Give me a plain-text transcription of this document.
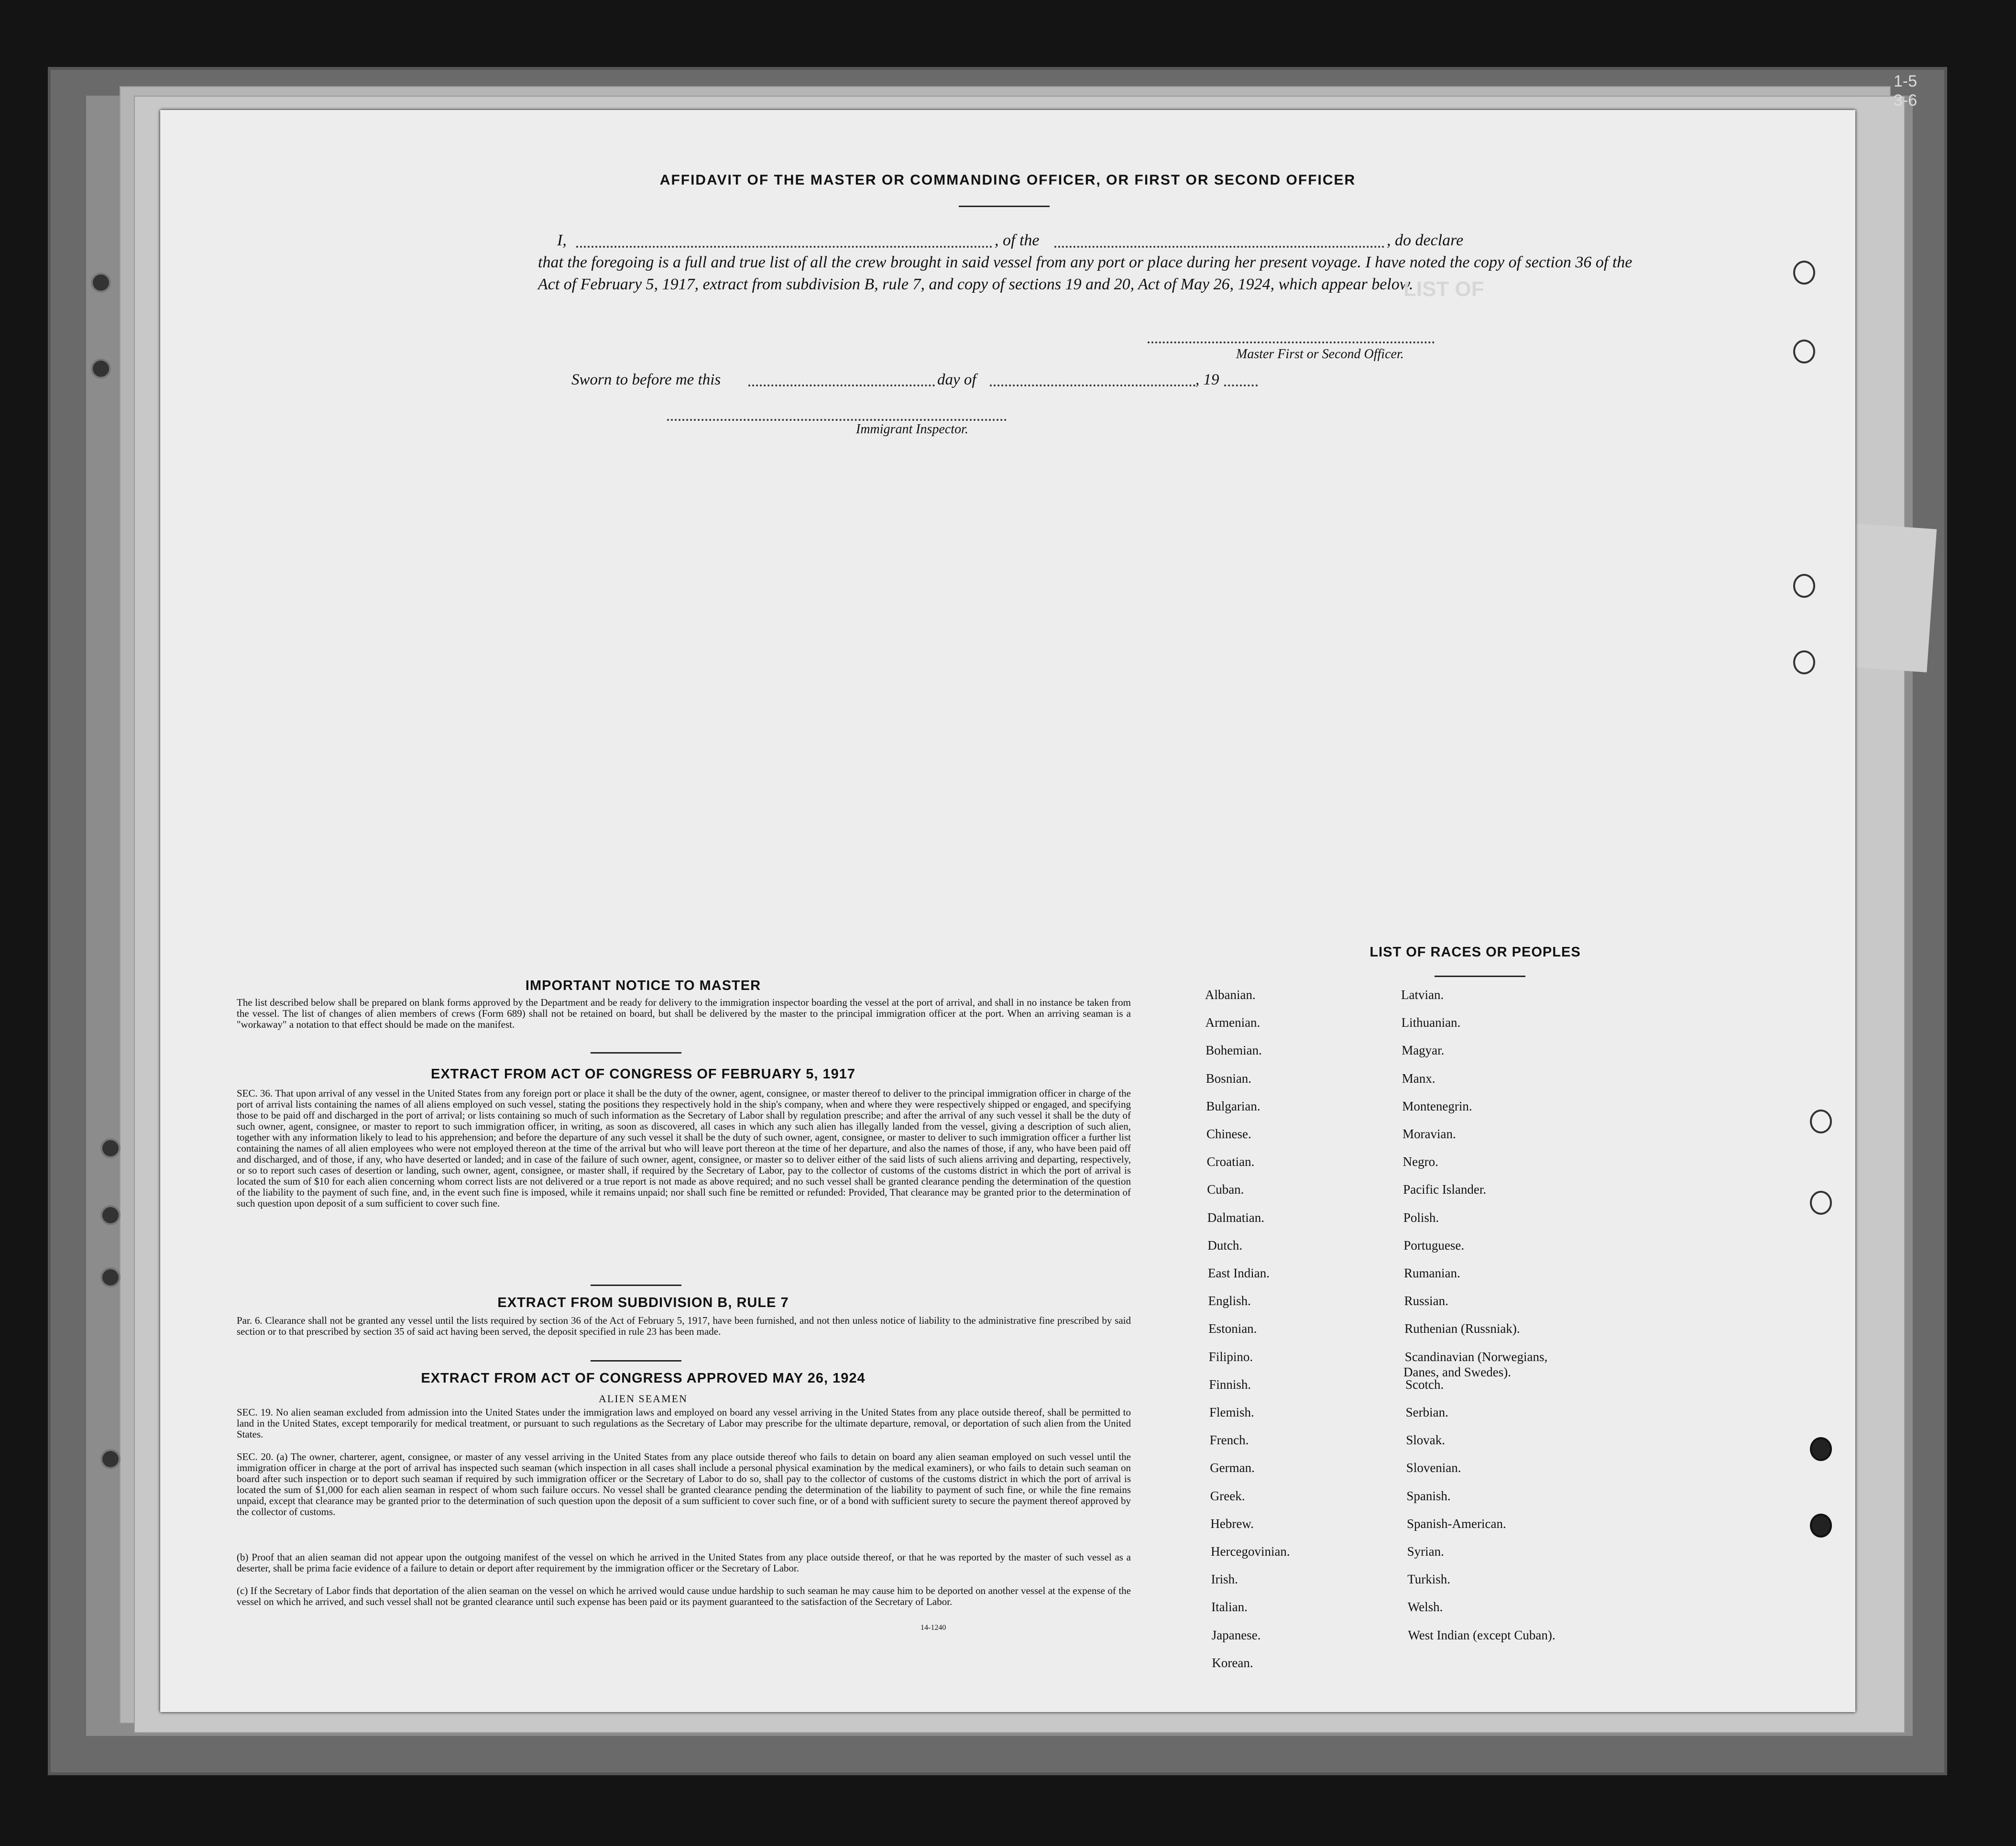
1-5
3-6
AFFIDAVIT OF THE MASTER OR COMMANDING OFFICER, OR FIRST OR SECOND OFFICER
I,	, of the	, do declare
that the foregoing is a full and true list of all the crew brought in said vessel from any port or place during her present voyage. I have noted the copy of section 36 of the Act of February 5, 1917, extract from subdivision B, rule 7, and copy of sections 19 and 20, Act of May 26, 1924, which appear below.
Master First or Second Officer.
Sworn to before me this	day of	, 19
Immigrant Inspector.
LIST OF
IMPORTANT NOTICE TO MASTER
The list described below shall be prepared on blank forms approved by the Department and be ready for delivery to the immigration inspector boarding the vessel at the port of arrival, and shall in no instance be taken from the vessel. The list of changes of alien members of crews (Form 689) shall not be retained on board, but shall be delivered by the master to the principal immigration officer at the port. When an arriving seaman is a "workaway" a notation to that effect should be made on the manifest.
EXTRACT FROM ACT OF CONGRESS OF FEBRUARY 5, 1917
SEC. 36. That upon arrival of any vessel in the United States from any foreign port or place it shall be the duty of the owner, agent, consignee, or master thereof to deliver to the principal immigration officer in charge of the port of arrival lists containing the names of all aliens employed on such vessel, stating the positions they respectively hold in the ship's company, when and where they were respectively shipped or engaged, and specifying those to be paid off and discharged in the port of arrival; or lists containing so much of such information as the Secretary of Labor shall by regulation prescribe; and after the arrival of any such vessel it shall be the duty of such owner, agent, consignee, or master to report to such immigration officer, in writing, as soon as discovered, all cases in which any such alien has illegally landed from the vessel, giving a description of such alien, together with any information likely to lead to his apprehension; and before the departure of any such vessel it shall be the duty of such owner, agent, consignee, or master to deliver to such immigration officer a further list containing the names of all alien employees who were not employed thereon at the time of the arrival but who will leave port thereon at the time of her departure, and also the names of those, if any, who have been paid off and discharged, and of those, if any, who have deserted or landed; and in case of the failure of such owner, agent, consignee, or master so to deliver either of the said lists of such aliens arriving and departing, respectively, or so to report such cases of desertion or landing, such owner, agent, consignee, or master shall, if required by the Secretary of Labor, pay to the collector of customs of the customs district in which the port of arrival is located the sum of $10 for each alien concerning whom correct lists are not delivered or a true report is not made as above required; and no such vessel shall be granted clearance pending the determination of the question of the liability to the payment of such fine, and, in the event such fine is imposed, while it remains unpaid; nor shall such fine be remitted or refunded: Provided, That clearance may be granted prior to the determination of such question upon deposit of a sum sufficient to cover such fine.
EXTRACT FROM SUBDIVISION B, RULE 7
Par. 6. Clearance shall not be granted any vessel until the lists required by section 36 of the Act of February 5, 1917, have been furnished, and not then unless notice of liability to the administrative fine prescribed by said section or to that prescribed by section 35 of said act having been served, the deposit specified in rule 23 has been made.
EXTRACT FROM ACT OF CONGRESS APPROVED MAY 26, 1924
ALIEN SEAMEN
SEC. 19. No alien seaman excluded from admission into the United States under the immigration laws and employed on board any vessel arriving in the United States from any place outside thereof, shall be permitted to land in the United States, except temporarily for medical treatment, or pursuant to such regulations as the Secretary of Labor may prescribe for the ultimate departure, removal, or deportation of such alien from the United States.
SEC. 20. (a) The owner, charterer, agent, consignee, or master of any vessel arriving in the United States from any place outside thereof who fails to detain on board any alien seaman employed on such vessel until the immigration officer in charge at the port of arrival has inspected such seaman (which inspection in all cases shall include a personal physical examination by the medical examiners), or who fails to detain such seaman on board after such inspection or to deport such seaman if required by such immigration officer or the Secretary of Labor to do so, shall pay to the collector of customs of the customs district in which the port of arrival is located the sum of $1,000 for each alien seaman in respect of whom such failure occurs. No vessel shall be granted clearance pending the determination of the liability to payment of such fine, or while the fine remains unpaid, except that clearance may be granted prior to the determination of such question upon the deposit of a sum sufficient to cover such fine, or of a bond with sufficient surety to secure the payment thereof approved by the collector of customs.
(b) Proof that an alien seaman did not appear upon the outgoing manifest of the vessel on which he arrived in the United States from any place outside thereof, or that he was reported by the master of such vessel as a deserter, shall be prima facie evidence of a failure to detain or deport after requirement by the immigration officer or the Secretary of Labor.
(c) If the Secretary of Labor finds that deportation of the alien seaman on the vessel on which he arrived would cause undue hardship to such seaman he may cause him to be deported on another vessel at the expense of the vessel on which he arrived, and such vessel shall not be granted clearance until such expense has been paid or its payment guaranteed to the satisfaction of the Secretary of Labor.
14-1240
LIST OF RACES OR PEOPLES
Albanian.
Armenian.
Bohemian.
Bosnian.
Bulgarian.
Chinese.
Croatian.
Cuban.
Dalmatian.
Dutch.
East Indian.
English.
Estonian.
Filipino.
Finnish.
Flemish.
French.
German.
Greek.
Hebrew.
Hercegovinian.
Irish.
Italian.
Japanese.
Korean.
Latvian.
Lithuanian.
Magyar.
Manx.
Montenegrin.
Moravian.
Negro.
Pacific Islander.
Polish.
Portuguese.
Rumanian.
Russian.
Ruthenian (Russniak).
Scandinavian (Norwegians,
Danes, and Swedes).
Scotch.
Serbian.
Slovak.
Slovenian.
Spanish.
Spanish-American.
Syrian.
Turkish.
Welsh.
West Indian (except Cuban).
